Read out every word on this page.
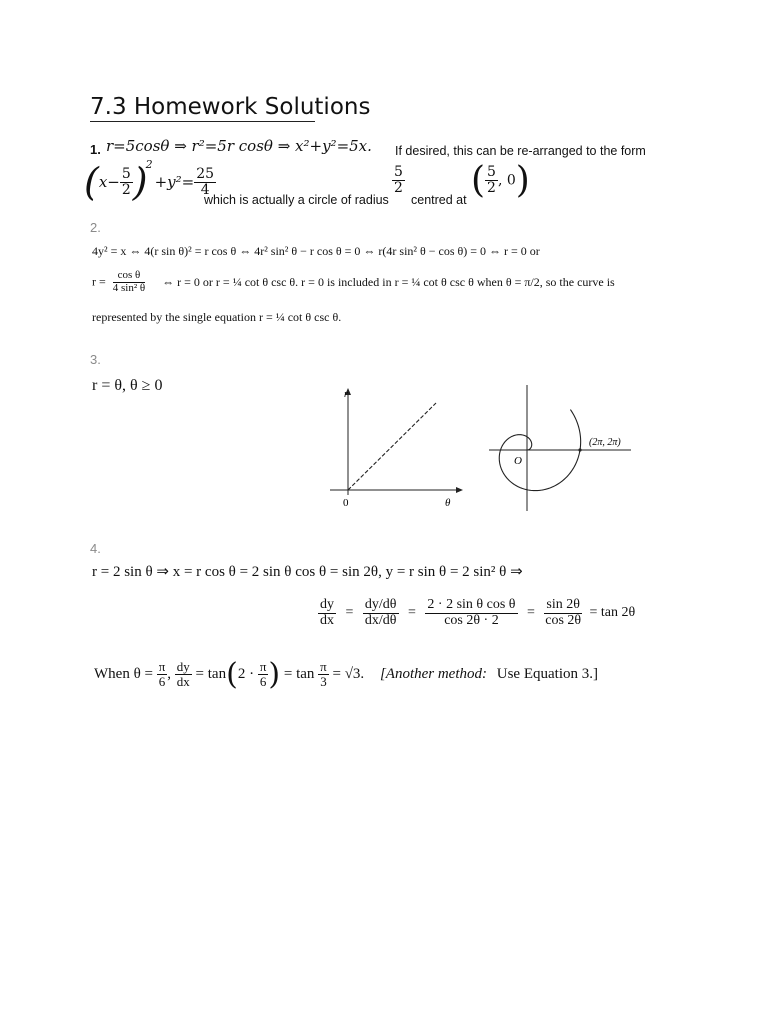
7.3 Homework Solutions
1. r=5cosθ ⇒ r²=5r cosθ ⇒ x²+y²=5x. If desired, this can be re-arranged to the form
$(x- \frac{5}{2} )^2+y^2= \frac{25}{4}$
which is actually a circle of radius
$\frac{5}{2}$
centred at ( $\frac{5}{2}$ , 0)
2.
4y² = x ⇔ 4(r sin θ)² = r cos θ ⇔ 4r² sin² θ − r cos θ = 0 ⇔ r(4r sin² θ − cos θ) = 0 ⇔ r = 0 or
$r = \frac{\text{cos θ}}{\text{4 sin² θ}}$ ⇔ r = 0 or r = ¼ cot θ csc θ. r = 0 is included in r = ¼ cot θ csc θ when θ = π/2, so the curve is
represented by the single equation r = ¼ cot θ csc θ.
3.
r = θ, θ ≥ 0
r
θ
0
O
(2π, 2π)
4.
r = 2 sin θ ⇒ x = r cos θ = 2 sin θ cos θ = sin 2θ, y = r sin θ = 2 sin² θ ⇒
$\frac{dy}{dx} = \frac{dy/d\theta}{dx/d\theta} = \frac{\text{2 · 2 sin θ cos θ}}{\cos 2\theta \cdot 2} = \frac{\sin 2\theta}{\cos 2\theta} = \tan 2\theta$
When $\theta = \frac{\pi}{6}$ , $\frac{dy}{dx} = \tan(2 \cdot \frac{\pi}{6}$ ) = $\tan \frac{\pi}{3} = √3$. [Another method: Use Equation 3.]
